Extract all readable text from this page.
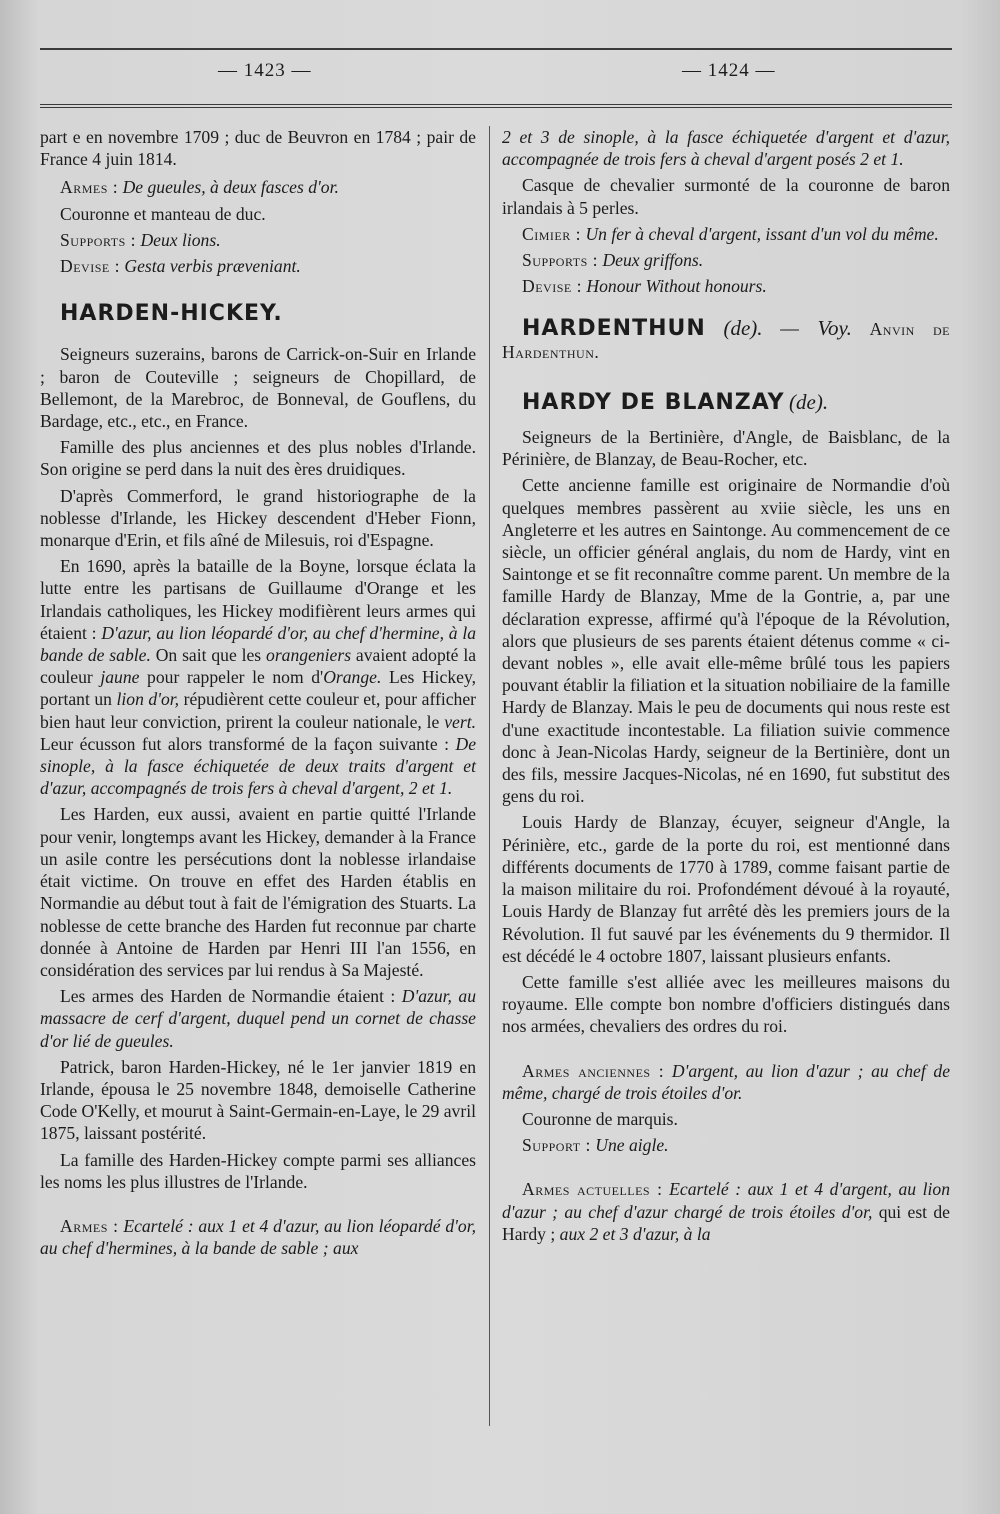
— 1423 —	— 1424 —

part e en novembre 1709 ; duc de Beuvron en 1784 ; pair de France 4 juin 1814.

Armes : De gueules, à deux fasces d'or.

Couronne et manteau de duc.

Supports : Deux lions.

Devise : Gesta verbis præveniant.

HARDEN-HICKEY.

Seigneurs suzerains, barons de Carrick-on-Suir en Irlande ; baron de Couteville ; seigneurs de Chopillard, de Bellemont, de la Marebroc, de Bonneval, de Gouflens, du Bardage, etc., etc., en France.

Famille des plus anciennes et des plus nobles d'Irlande. Son origine se perd dans la nuit des ères druidiques.

D'après Commerford, le grand historiographe de la noblesse d'Irlande, les Hickey descendent d'Heber Fionn, monarque d'Erin, et fils aîné de Milesuis, roi d'Espagne.

En 1690, après la bataille de la Boyne, lorsque éclata la lutte entre les partisans de Guillaume d'Orange et les Irlandais catholiques, les Hickey modifièrent leurs armes qui étaient : D'azur, au lion léopardé d'or, au chef d'hermine, à la bande de sable. On sait que les orangeniers avaient adopté la couleur jaune pour rappeler le nom d'Orange. Les Hickey, portant un lion d'or, répudièrent cette couleur et, pour afficher bien haut leur conviction, prirent la couleur nationale, le vert. Leur écusson fut alors transformé de la façon suivante : De sinople, à la fasce échiquetée de deux traits d'argent et d'azur, accompagnés de trois fers à cheval d'argent, 2 et 1.

Les Harden, eux aussi, avaient en partie quitté l'Irlande pour venir, longtemps avant les Hickey, demander à la France un asile contre les persécutions dont la noblesse irlandaise était victime. On trouve en effet des Harden établis en Normandie au début tout à fait de l'émigration des Stuarts. La noblesse de cette branche des Harden fut reconnue par charte donnée à Antoine de Harden par Henri III l'an 1556, en considération des services par lui rendus à Sa Majesté.

Les armes des Harden de Normandie étaient : D'azur, au massacre de cerf d'argent, duquel pend un cornet de chasse d'or lié de gueules.

Patrick, baron Harden-Hickey, né le 1er janvier 1819 en Irlande, épousa le 25 novembre 1848, demoiselle Catherine Code O'Kelly, et mourut à Saint-Germain-en-Laye, le 29 avril 1875, laissant postérité.

La famille des Harden-Hickey compte parmi ses alliances les noms les plus illustres de l'Irlande.

Armes : Ecartelé : aux 1 et 4 d'azur, au lion léopardé d'or, au chef d'hermines, à la bande de sable ; aux

2 et 3 de sinople, à la fasce échiquetée d'argent et d'azur, accompagnée de trois fers à cheval d'argent posés 2 et 1.

Casque de chevalier surmonté de la couronne de baron irlandais à 5 perles.

Cimier : Un fer à cheval d'argent, issant d'un vol du même.

Supports : Deux griffons.

Devise : Honour Without honours.

HARDENTHUN (de). — Voy. Anvin de Hardenthun.

HARDY DE BLANZAY (de).

Seigneurs de la Bertinière, d'Angle, de Baisblanc, de la Périnière, de Blanzay, de Beau-Rocher, etc.

Cette ancienne famille est originaire de Normandie d'où quelques membres passèrent au xviie siècle, les uns en Angleterre et les autres en Saintonge. Au commencement de ce siècle, un officier général anglais, du nom de Hardy, vint en Saintonge et se fit reconnaître comme parent. Un membre de la famille Hardy de Blanzay, Mme de la Gontrie, a, par une déclaration expresse, affirmé qu'à l'époque de la Révolution, alors que plusieurs de ses parents étaient détenus comme « ci-devant nobles », elle avait elle-même brûlé tous les papiers pouvant établir la filiation et la situation nobiliaire de la famille Hardy de Blanzay. Mais le peu de documents qui nous reste est d'une exactitude incontestable. La filiation suivie commence donc à Jean-Nicolas Hardy, seigneur de la Bertinière, dont un des fils, messire Jacques-Nicolas, né en 1690, fut substitut des gens du roi.

Louis Hardy de Blanzay, écuyer, seigneur d'Angle, la Périnière, etc., garde de la porte du roi, est mentionné dans différents documents de 1770 à 1789, comme faisant partie de la maison militaire du roi. Profondément dévoué à la royauté, Louis Hardy de Blanzay fut arrêté dès les premiers jours de la Révolution. Il fut sauvé par les événements du 9 thermidor. Il est décédé le 4 octobre 1807, laissant plusieurs enfants.

Cette famille s'est alliée avec les meilleures maisons du royaume. Elle compte bon nombre d'officiers distingués dans nos armées, chevaliers des ordres du roi.

Armes anciennes : D'argent, au lion d'azur ; au chef de même, chargé de trois étoiles d'or.

Couronne de marquis.

Support : Une aigle.

Armes actuelles : Ecartelé : aux 1 et 4 d'argent, au lion d'azur ; au chef d'azur chargé de trois étoiles d'or, qui est de Hardy ; aux 2 et 3 d'azur, à la
